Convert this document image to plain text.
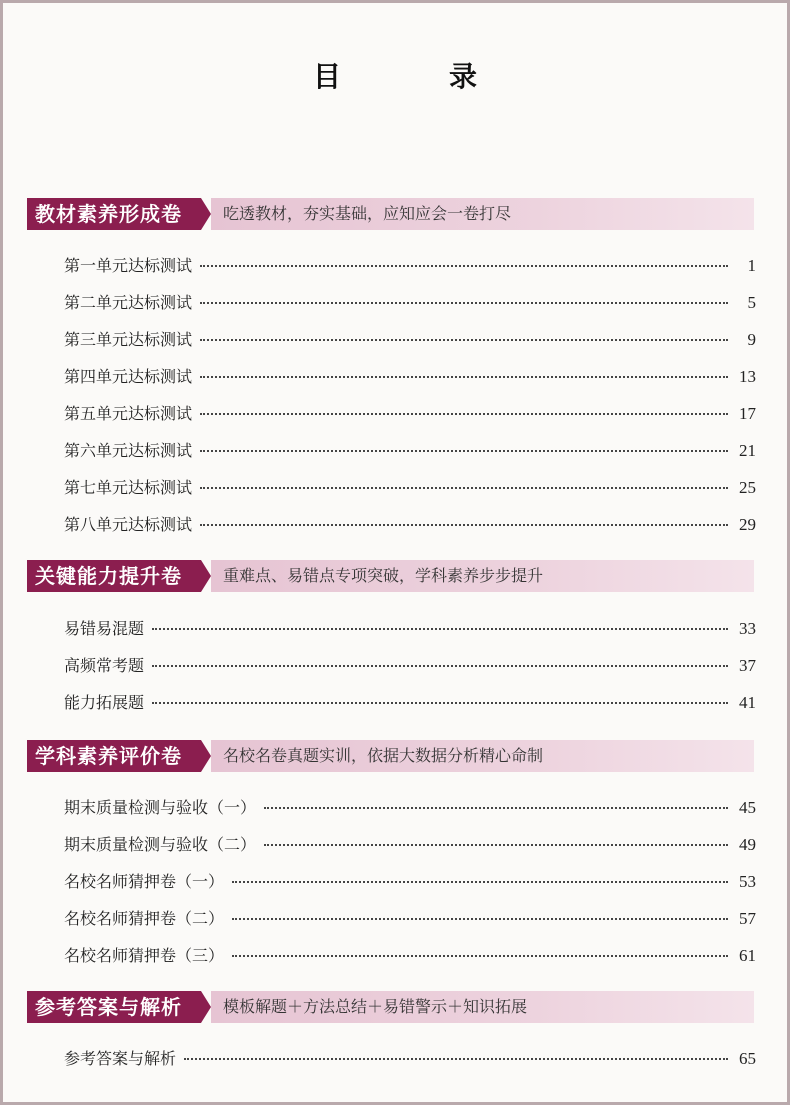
目　录
教材素养形成卷	吃透教材，夯实基础，应知应会一卷打尽
第一单元达标测试	1
第二单元达标测试	5
第三单元达标测试	9
第四单元达标测试	13
第五单元达标测试	17
第六单元达标测试	21
第七单元达标测试	25
第八单元达标测试	29
关键能力提升卷	重难点、易错点专项突破，学科素养步步提升
易错易混题	33
高频常考题	37
能力拓展题	41
学科素养评价卷	名校名卷真题实训，依据大数据分析精心命制
期末质量检测与验收（一）	45
期末质量检测与验收（二）	49
名校名师猜押卷（一）	53
名校名师猜押卷（二）	57
名校名师猜押卷（三）	61
参考答案与解析	模板解题＋方法总结＋易错警示＋知识拓展
参考答案与解析	65
